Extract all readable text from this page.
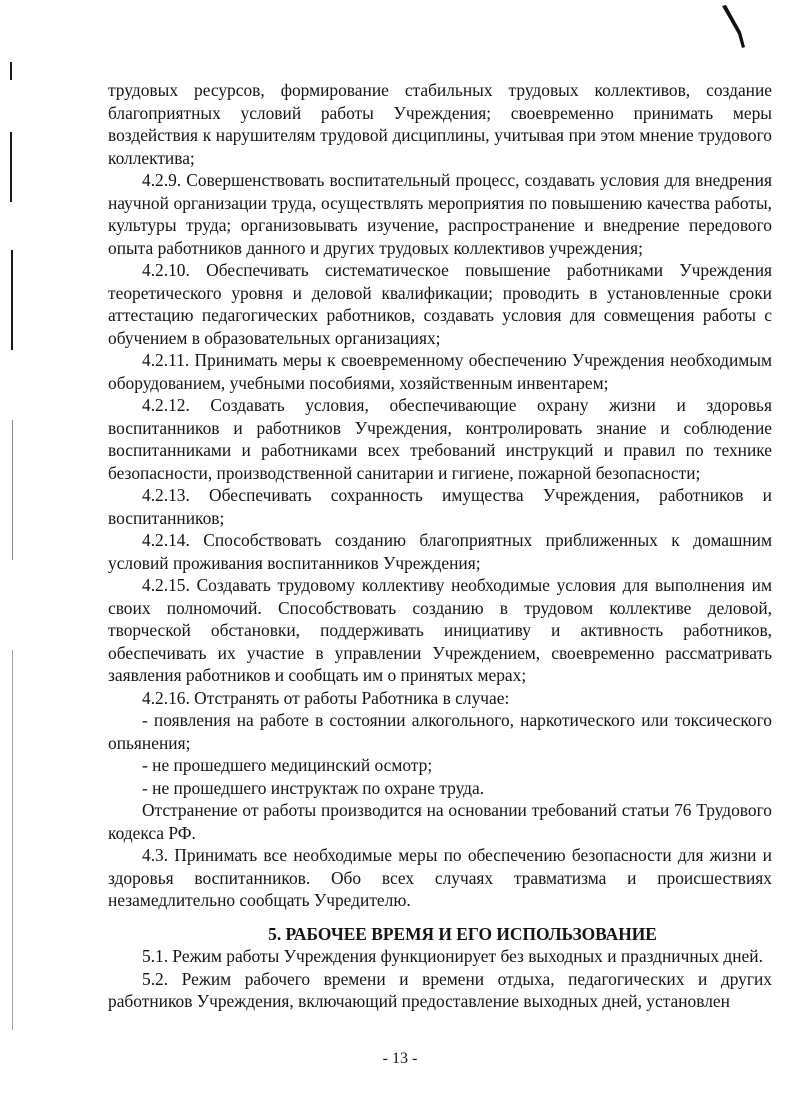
трудовых ресурсов, формирование стабильных трудовых коллективов, создание благоприятных условий работы Учреждения; своевременно принимать меры воздействия к нарушителям трудовой дисциплины, учитывая при этом мнение трудового коллектива;

4.2.9. Совершенствовать воспитательный процесс, создавать условия для внедрения научной организации труда, осуществлять мероприятия по повышению качества работы, культуры труда; организовывать изучение, распространение и внедрение передового опыта работников данного и других трудовых коллективов учреждения;

4.2.10. Обеспечивать систематическое повышение работниками Учреждения теоретического уровня и деловой квалификации; проводить в установленные сроки аттестацию педагогических работников, создавать условия для совмещения работы с обучением в образовательных организациях;

4.2.11. Принимать меры к своевременному обеспечению Учреждения необходимым оборудованием, учебными пособиями, хозяйственным инвентарем;

4.2.12. Создавать условия, обеспечивающие охрану жизни и здоровья воспитанников и работников Учреждения, контролировать знание и соблюдение воспитанниками и работниками всех требований инструкций и правил по технике безопасности, производственной санитарии и гигиене, пожарной безопасности;

4.2.13. Обеспечивать сохранность имущества Учреждения, работников и воспитанников;

4.2.14. Способствовать созданию благоприятных приближенных к домашним условий проживания воспитанников Учреждения;

4.2.15. Создавать трудовому коллективу необходимые условия для выполнения им своих полномочий. Способствовать созданию в трудовом коллективе деловой, творческой обстановки, поддерживать инициативу и активность работников, обеспечивать их участие в управлении Учреждением, своевременно рассматривать заявления работников и сообщать им о принятых мерах;

4.2.16. Отстранять от работы Работника в случае:

- появления на работе в состоянии алкогольного, наркотического или токсического опьянения;

- не прошедшего медицинский осмотр;

- не прошедшего инструктаж по охране труда.

Отстранение от работы производится на основании требований статьи 76 Трудового кодекса РФ.

4.3. Принимать все необходимые меры по обеспечению безопасности для жизни и здоровья воспитанников. Обо всех случаях травматизма и происшествиях незамедлительно сообщать Учредителю.

5. РАБОЧЕЕ ВРЕМЯ И ЕГО ИСПОЛЬЗОВАНИЕ

5.1. Режим работы Учреждения функционирует без выходных и праздничных дней.

5.2. Режим рабочего времени и времени отдыха, педагогических и других работников Учреждения, включающий предоставление выходных дней, установлен

- 13 -
